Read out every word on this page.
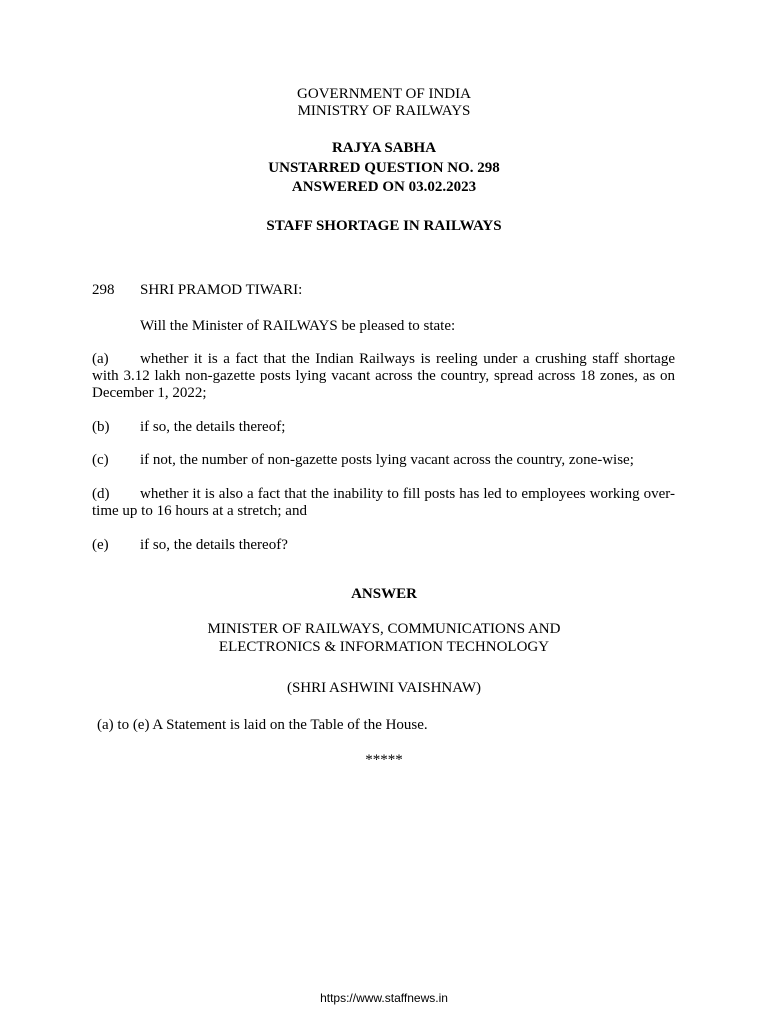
GOVERNMENT OF INDIA
MINISTRY OF RAILWAYS
RAJYA SABHA
UNSTARRED QUESTION NO. 298
ANSWERED ON 03.02.2023
STAFF SHORTAGE IN RAILWAYS
298 SHRI PRAMOD TIWARI:
Will the Minister of RAILWAYS be pleased to state:
(a) whether it is a fact that the Indian Railways is reeling under a crushing staff shortage with 3.12 lakh non-gazette posts lying vacant across the country, spread across 18 zones, as on December 1, 2022;
(b) if so, the details thereof;
(c) if not, the number of non-gazette posts lying vacant across the country, zone-wise;
(d) whether it is also a fact that the inability to fill posts has led to employees working over-time up to 16 hours at a stretch; and
(e) if so, the details thereof?
ANSWER
MINISTER OF RAILWAYS, COMMUNICATIONS AND
ELECTRONICS & INFORMATION TECHNOLOGY
(SHRI ASHWINI VAISHNAW)
(a) to (e) A Statement is laid on the Table of the House.
*****
https://www.staffnews.in
